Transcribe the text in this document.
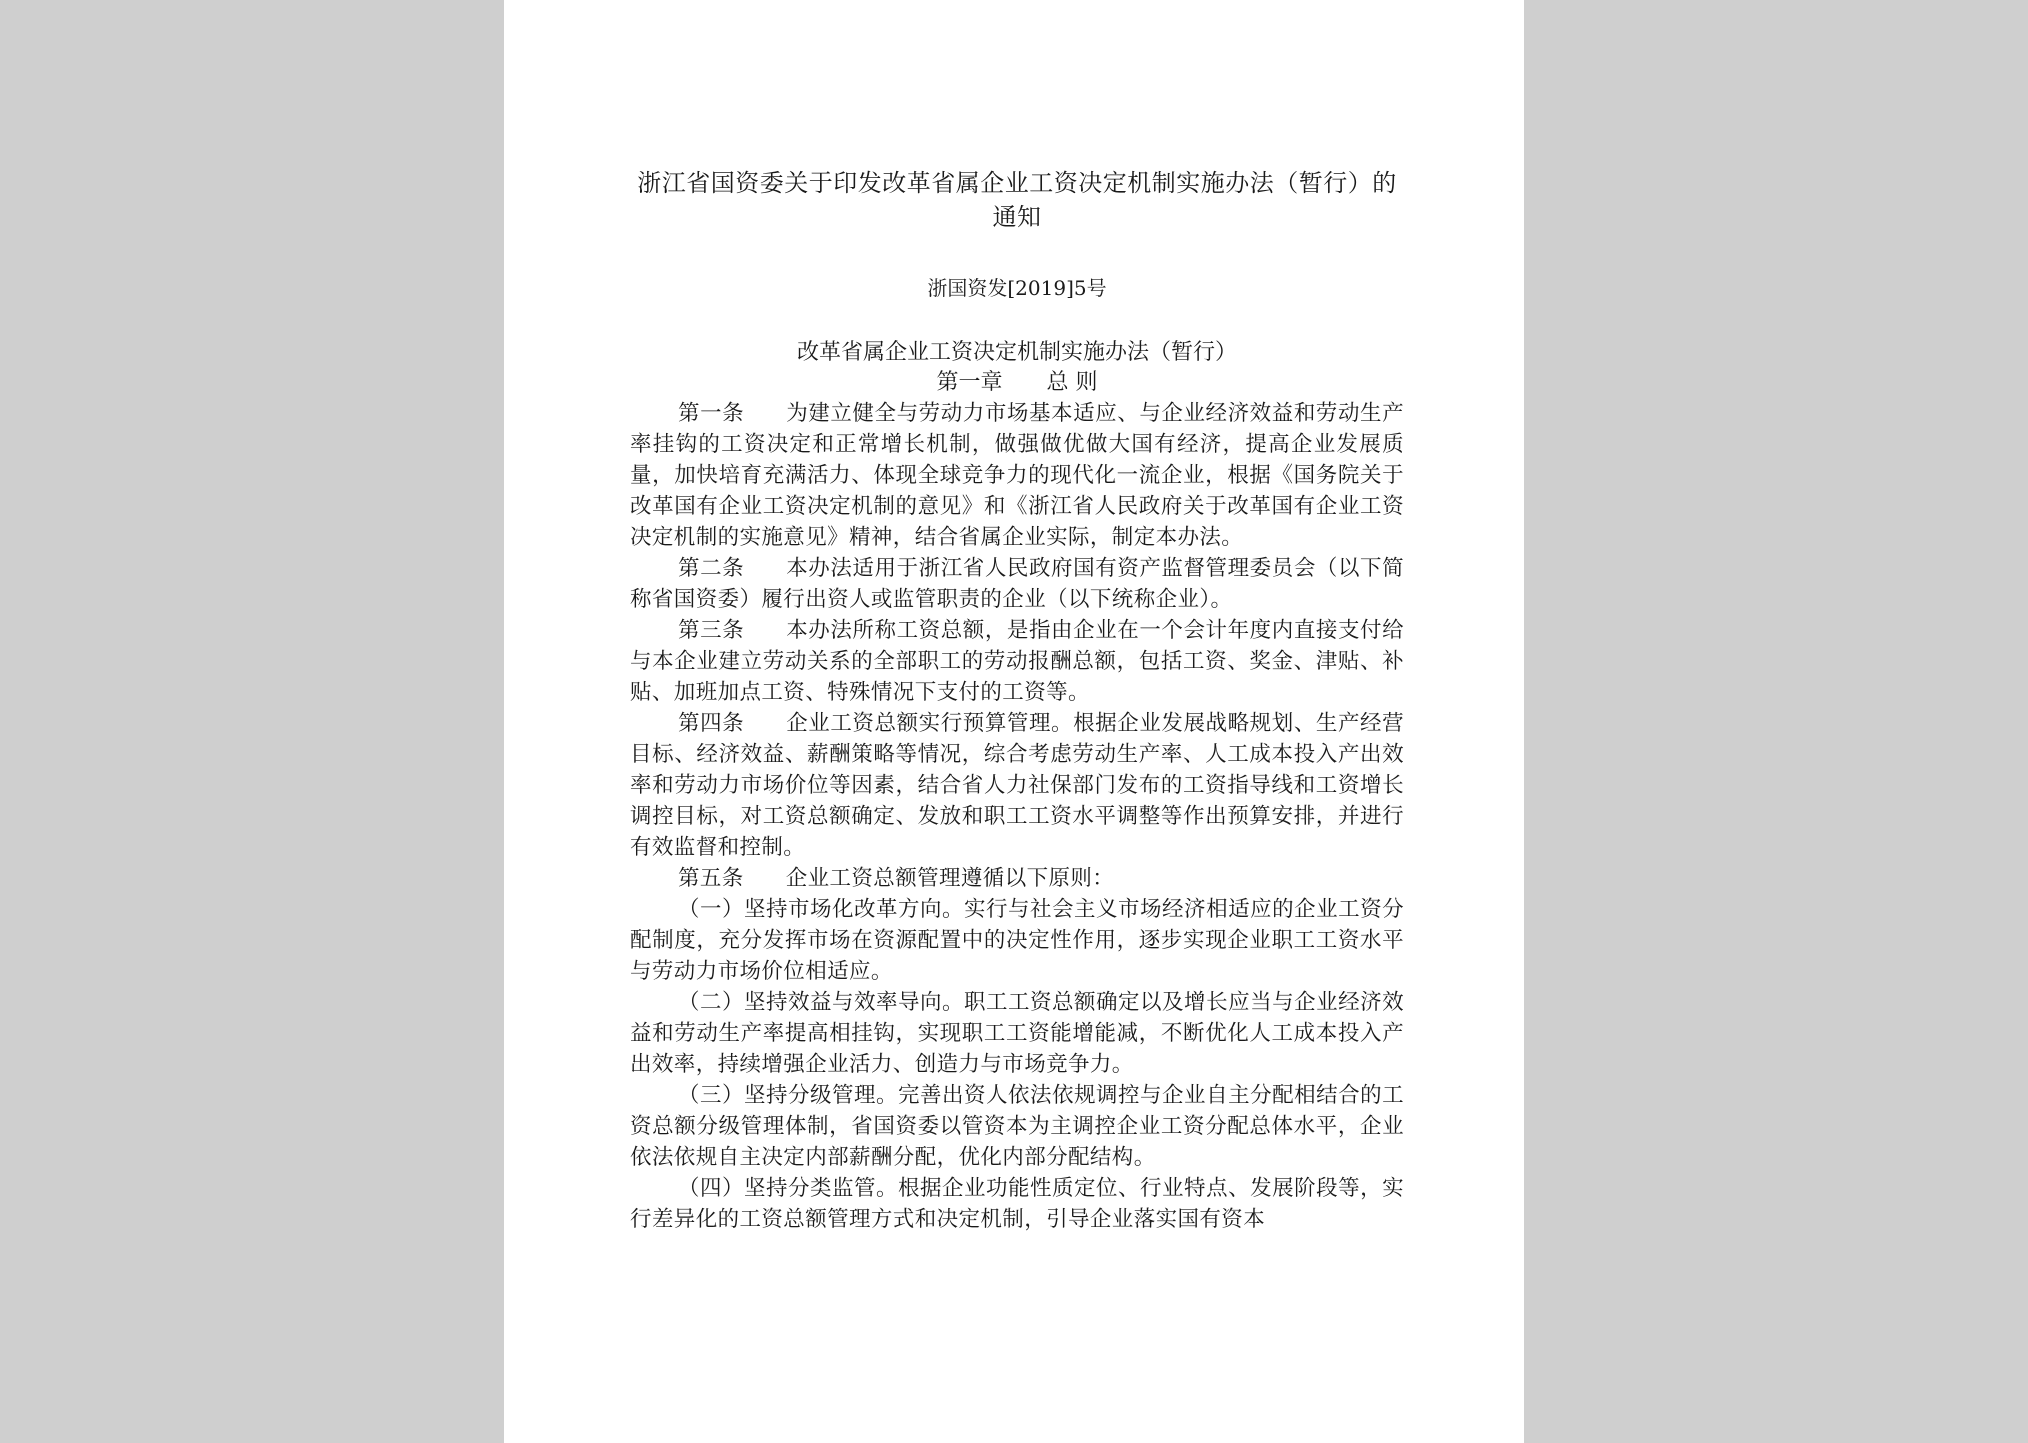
浙江省国资委关于印发改革省属企业工资决定机制实施办法（暂行）的通知

浙国资发[2019]5号

改革省属企业工资决定机制实施办法（暂行）

第一章 总 则

第一条 为建立健全与劳动力市场基本适应、与企业经济效益和劳动生产率挂钩的工资决定和正常增长机制，做强做优做大国有经济，提高企业发展质量，加快培育充满活力、体现全球竞争力的现代化一流企业，根据《国务院关于改革国有企业工资决定机制的意见》和《浙江省人民政府关于改革国有企业工资决定机制的实施意见》精神，结合省属企业实际，制定本办法。

第二条 本办法适用于浙江省人民政府国有资产监督管理委员会（以下简称省国资委）履行出资人或监管职责的企业（以下统称企业）。

第三条 本办法所称工资总额，是指由企业在一个会计年度内直接支付给与本企业建立劳动关系的全部职工的劳动报酬总额，包括工资、奖金、津贴、补贴、加班加点工资、特殊情况下支付的工资等。

第四条 企业工资总额实行预算管理。根据企业发展战略规划、生产经营目标、经济效益、薪酬策略等情况，综合考虑劳动生产率、人工成本投入产出效率和劳动力市场价位等因素，结合省人力社保部门发布的工资指导线和工资增长调控目标，对工资总额确定、发放和职工工资水平调整等作出预算安排，并进行有效监督和控制。

第五条 企业工资总额管理遵循以下原则：

（一）坚持市场化改革方向。实行与社会主义市场经济相适应的企业工资分配制度，充分发挥市场在资源配置中的决定性作用，逐步实现企业职工工资水平与劳动力市场价位相适应。

（二）坚持效益与效率导向。职工工资总额确定以及增长应当与企业经济效益和劳动生产率提高相挂钩，实现职工工资能增能减，不断优化人工成本投入产出效率，持续增强企业活力、创造力与市场竞争力。

（三）坚持分级管理。完善出资人依法依规调控与企业自主分配相结合的工资总额分级管理体制，省国资委以管资本为主调控企业工资分配总体水平，企业依法依规自主决定内部薪酬分配，优化内部分配结构。

（四）坚持分类监管。根据企业功能性质定位、行业特点、发展阶段等，实行差异化的工资总额管理方式和决定机制，引导企业落实国有资本
